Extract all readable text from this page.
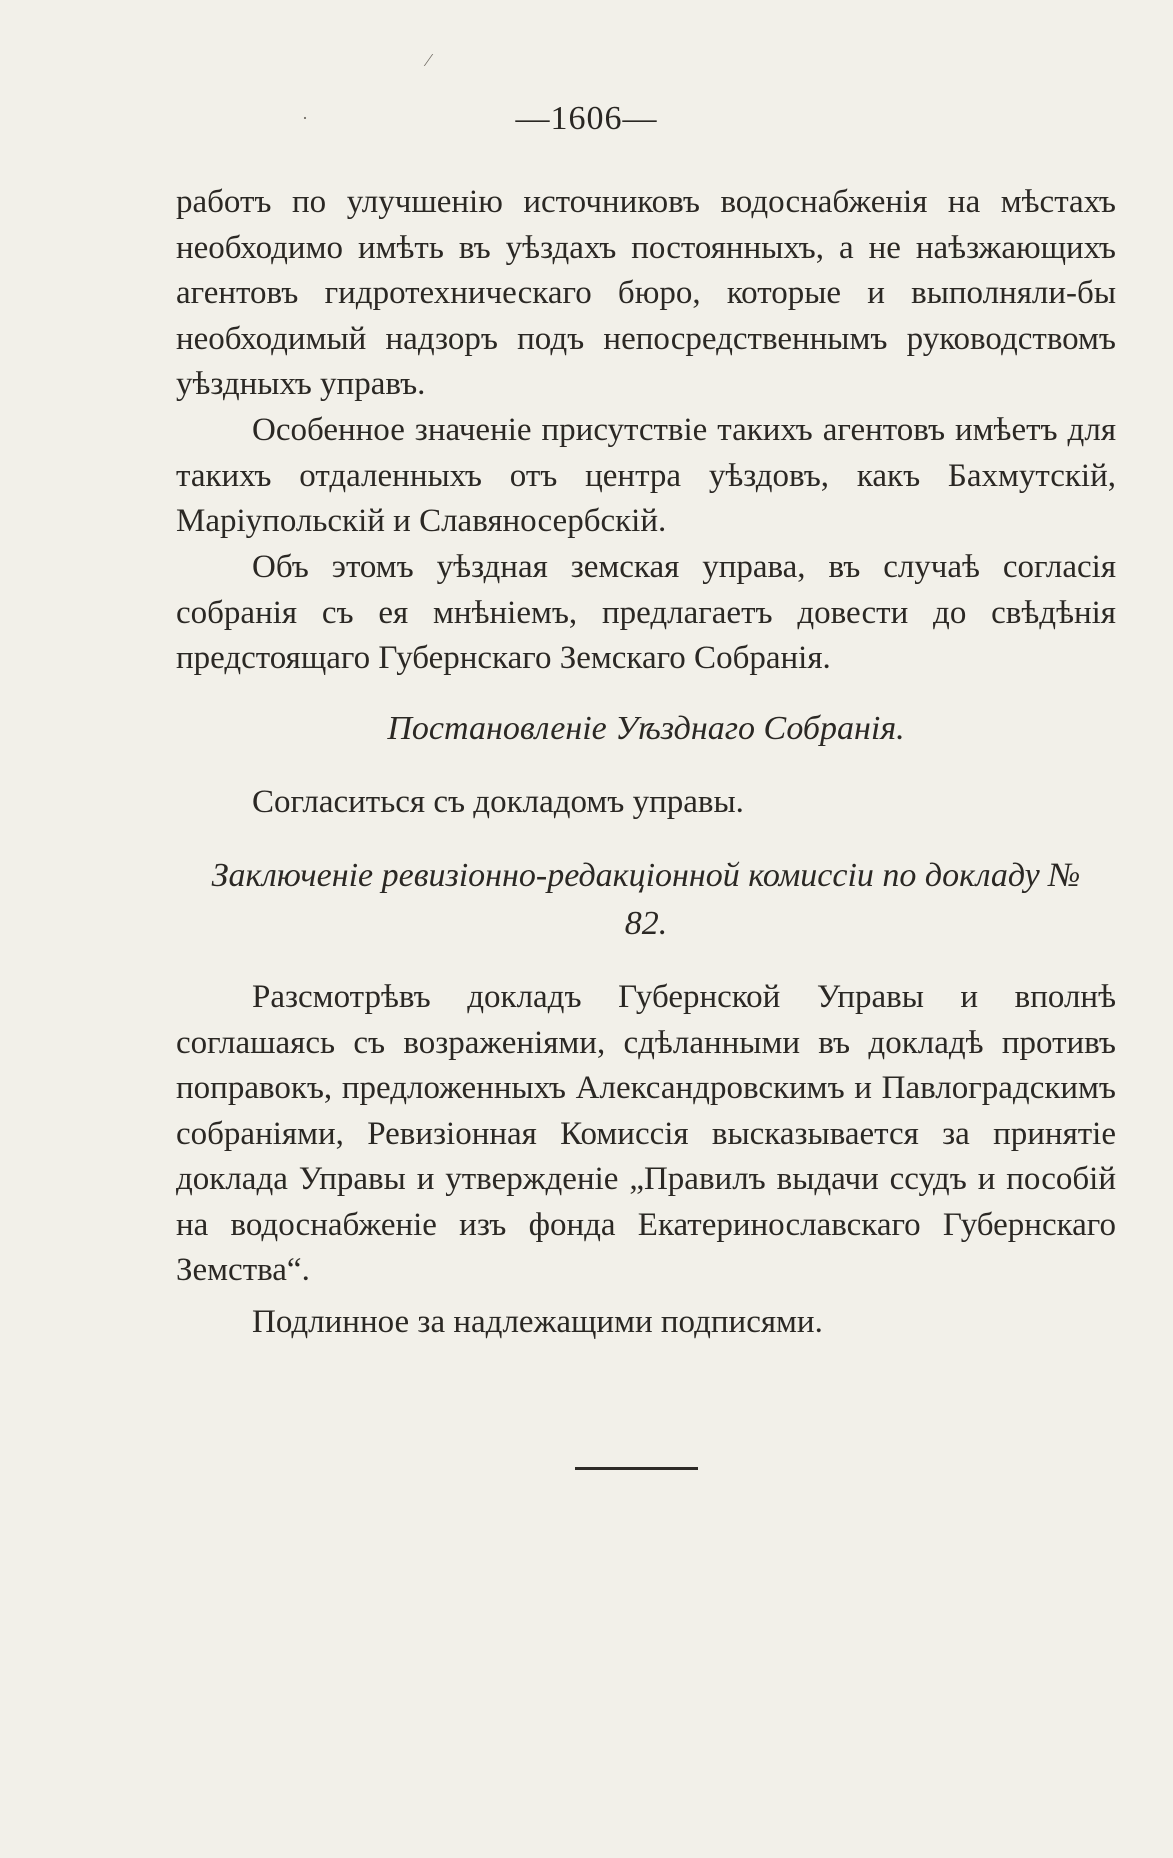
⁄
·	—1606—
работъ по улучшенію источниковъ водоснабженія на мѣстахъ необходимо имѣть въ уѣздахъ постоянныхъ, а не наѣзжающихъ агентовъ гидротехническаго бюро, которые и выполняли-бы необходимый надзоръ подъ непосредственнымъ руководствомъ уѣздныхъ управъ.
Особенное значеніе присутствіе такихъ агентовъ имѣетъ для такихъ отдаленныхъ отъ центра уѣздовъ, какъ Бахмутскій, Маріупольскій и Славяносербскій.
Объ этомъ уѣздная земская управа, въ случаѣ согласія собранія съ ея мнѣніемъ, предлагаетъ довести до свѣдѣнія предстоящаго Губернскаго Земскаго Собранія.
Постановленіе Уѣзднаго Собранія.
Согласиться съ докладомъ управы.
Заключеніе ревизіонно-редакціонной комиссіи по докладу № 82.
Разсмотрѣвъ докладъ Губернской Управы и вполнѣ соглашаясь съ возраженіями, сдѣланными въ докладѣ противъ поправокъ, предложенныхъ Александровскимъ и Павлоградскимъ собраніями, Ревизіонная Комиссія высказывается за принятіе доклада Управы и утвержденіе „Правилъ выдачи ссудъ и пособій на водоснабженіе изъ фонда Екатеринославскаго Губернскаго Земства“.
Подлинное за надлежащими подписями.
